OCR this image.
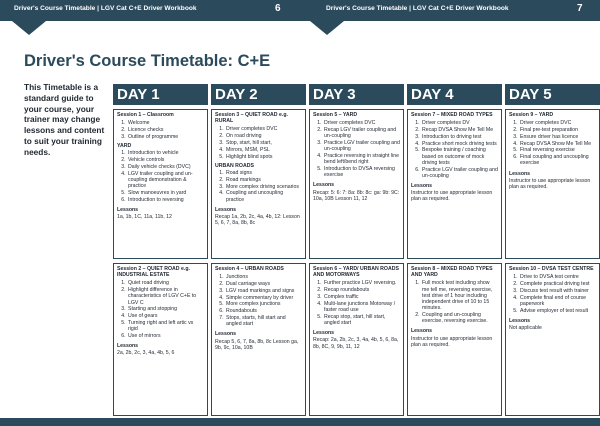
Driver's Course Timetable | LGV Cat C+E Driver Workbook	6	Driver's Course Timetable | LGV Cat C+E Driver Workbook	7
Driver's Course Timetable: C+E

This Timetable is a standard guide to your course, your trainer may change lessons and content to suit your training needs.

DAY 1	DAY 2	DAY 3	DAY 4	DAY 5
Session 1 – Classroom
1. Welcome
2. Licence checks
3. Outline of programme
YARD
1. Introduction to vehicle
2. Vehicle controls
3. Daily vehicle checks (DVC)
4. LGV trailer coupling and un-coupling demonstration & practice
5. Slow manoeuvres in yard
6. Introduction to reversing
Lessons
1a, 1b, 1C, 11a, 11b, 12
Session 3 – QUIET ROAD e.g. RURAL
1. Driver completes DVC
2. On road driving
3. Stop, start, hill start,
4. Mirrors, MSM, PSL
5. Highlight blind spots
URBAN ROADS
1. Road signs
2. Road markings
3. More complex driving scenarios
4. Coupling and uncoupling practice
Lessons
Recap 1a, 2b, 2c, 4a, 4b, 12: Lesson 5, 6, 7, 8a, 8b, 8c
Session 5 – YARD
1. Driver completes DVC
2. Recap LGV trailer coupling and un-coupling
3. Practice LGV trailer coupling and un-coupling
4. Practice reversing in straight line bend left/bend right
5. Introduction to DVSA reversing exercise
Lessons
Recap: 5: 6: 7: 8a: 8b: 8c: ga: 9b: 9C: 10a, 10B Lesson 11, 12
Session 7 – MIXED ROAD TYPES
1. Driver completes DV
2. Recap DVSA Show Me Tell Me
3. Introduction to driving test
4. Practice short mock driving tests
5. Bespoke training / coaching based on outcome of mock driving tests
6. Practice LGV trailer coupling and un-coupling
Lessons
Instructor to use appropriate lesson plan as required.
Session 9 – YARD
1. Driver completes DVC
2. Final pre-test preparation
3. Ensure driver has licence
4. Recap DVSA Show Me Tell Me
5. Final reversing exercise
6. Final coupling and uncoupling exercise
Lessons
Instructor to use appropriate lesson plan as required.
Session 2 – QUIET ROAD e.g. INDUSTRIAL ESTATE
1. Quiet road driving
2. Highlight difference in characteristics of LGV C+E to LGV C
3. Starting and stopping
4. Use of gears
5. Turning right and left artic vs rigid
6. Use of mirrors
Lessons
2a, 2b, 2c, 3, 4a, 4b, 5, 6
Session 4 – URBAN ROADS
1. Junctions
2. Dual carriage ways
3. LGV road markings and signs
4. Simple commentary by driver
5. More complex junctions
6. Roundabouts
7. Stops, starts, hill start and angled start
Lessons
Recap 5, 6, 7, 8a, 8b, 8c Lesson ga, 9b, 9c, 10a, 10B
Session 6 – YARD/ URBAN ROADS AND MOTORWAYS
1. Further practice LGV reversing.
2. Recap roundabouts
3. Complex traffic
4. Multi-lane junctions Motorway / faster road use
5. Recap stop, start, hill start, angled start
Lessons
Recap: 2a, 2b, 2c, 3, 4a, 4b, 5, 6, 8a, 8b, 8C, 9, 9b, 11, 12
Session 8 – MIXED ROAD TYPES AND YARD
1. Full mock test including show me tell me, reversing exercise, test drive of 1 hour including independent drive of 10 to 15 minutes.
2. Coupling and un-coupling exercise, reversing exercise.
Lessons
Instructor to use appropriate lesson plan as required.
Session 10 – DVSA TEST CENTRE
1. Drive to DVSA test centre
2. Complete practical driving test
3. Discuss test result with trainer
4. Complete final end of course paperwork
5. Advise employer of test result
Lessons
Not applicable
